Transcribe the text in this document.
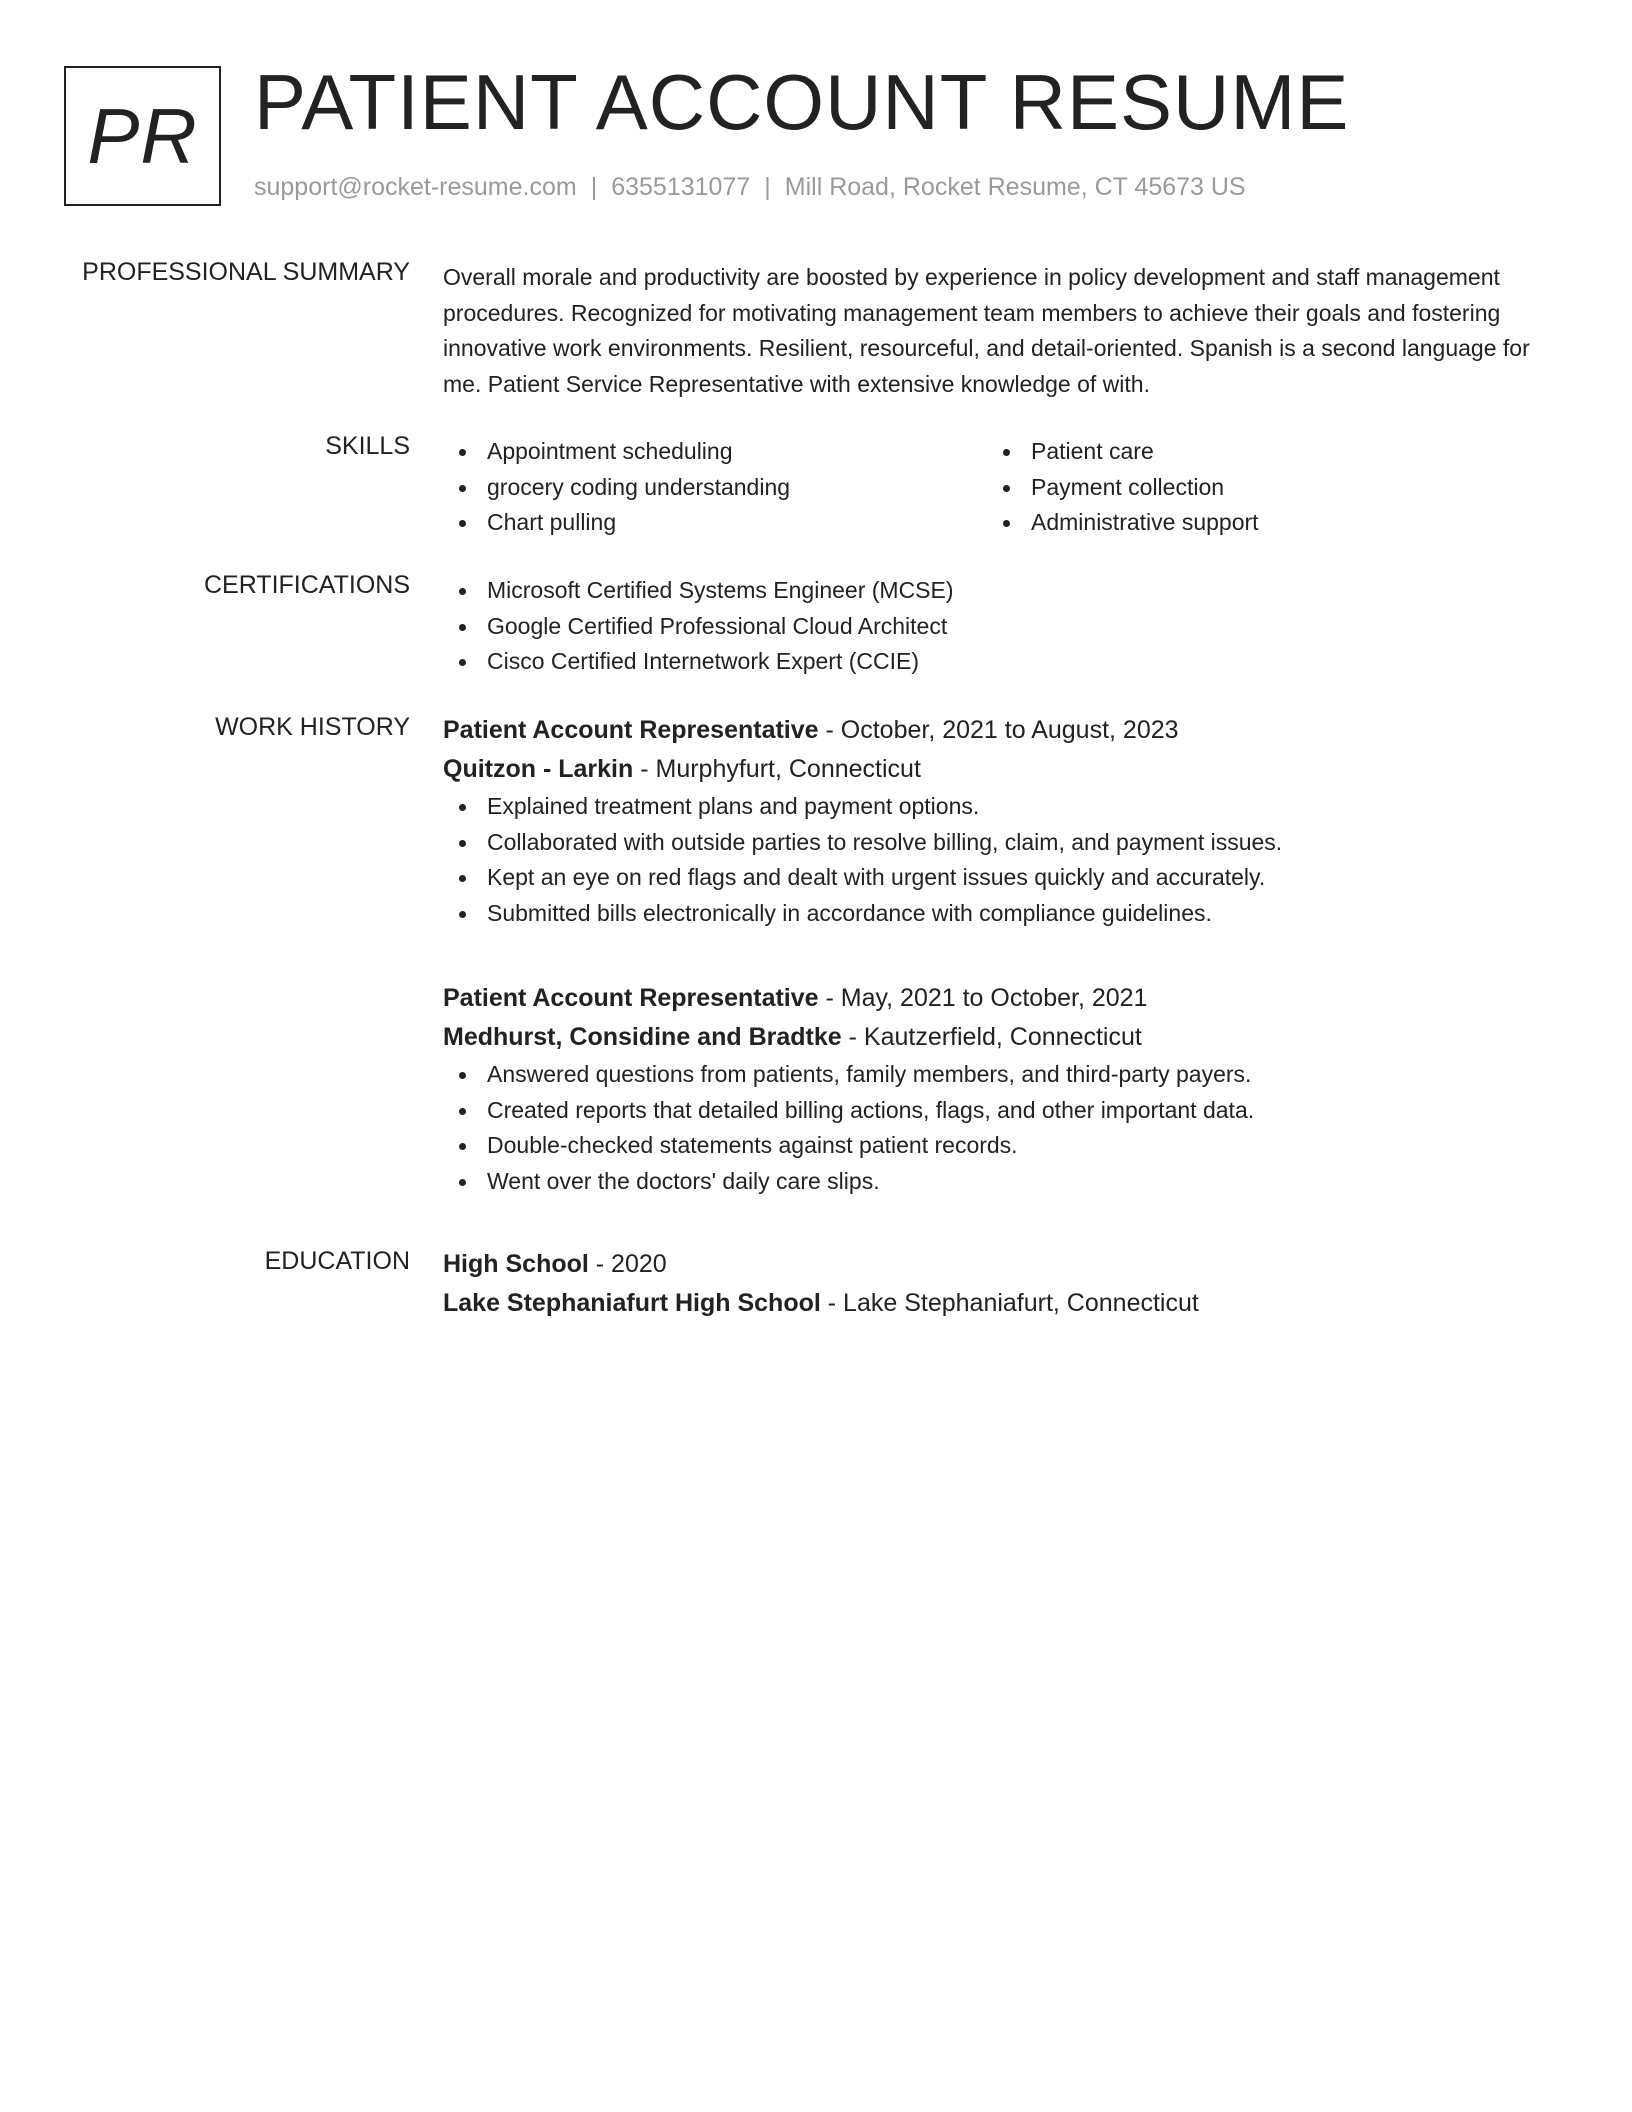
PR PATIENT ACCOUNT RESUME
support@rocket-resume.com | 6355131077 | Mill Road, Rocket Resume, CT 45673 US
PROFESSIONAL SUMMARY Overall morale and productivity are boosted by experience in policy development and staff management procedures. Recognized for motivating management team members to achieve their goals and fostering innovative work environments. Resilient, resourceful, and detail-oriented. Spanish is a second language for me. Patient Service Representative with extensive knowledge of with.

SKILLS	Appointment scheduling
grocery coding understanding
Chart pulling
Patient care
Payment collection
Administrative support
CERTIFICATIONS	Microsoft Certified Systems Engineer (MCSE)
Google Certified Professional Cloud Architect
Cisco Certified Internetwork Expert (CCIE)
WORK HISTORY Patient Account Representative - October, 2021 to August, 2023
Quitzon - Larkin - Murphyfurt, Connecticut
Explained treatment plans and payment options.
Collaborated with outside parties to resolve billing, claim, and payment issues.
Kept an eye on red flags and dealt with urgent issues quickly and accurately.
Submitted bills electronically in accordance with compliance guidelines.
Patient Account Representative - May, 2021 to October, 2021
Medhurst, Considine and Bradtke - Kautzerfield, Connecticut
Answered questions from patients, family members, and third-party payers.
Created reports that detailed billing actions, flags, and other important data.
Double-checked statements against patient records.
Went over the doctors' daily care slips.
EDUCATION High School - 2020
Lake Stephaniafurt High School - Lake Stephaniafurt, Connecticut
